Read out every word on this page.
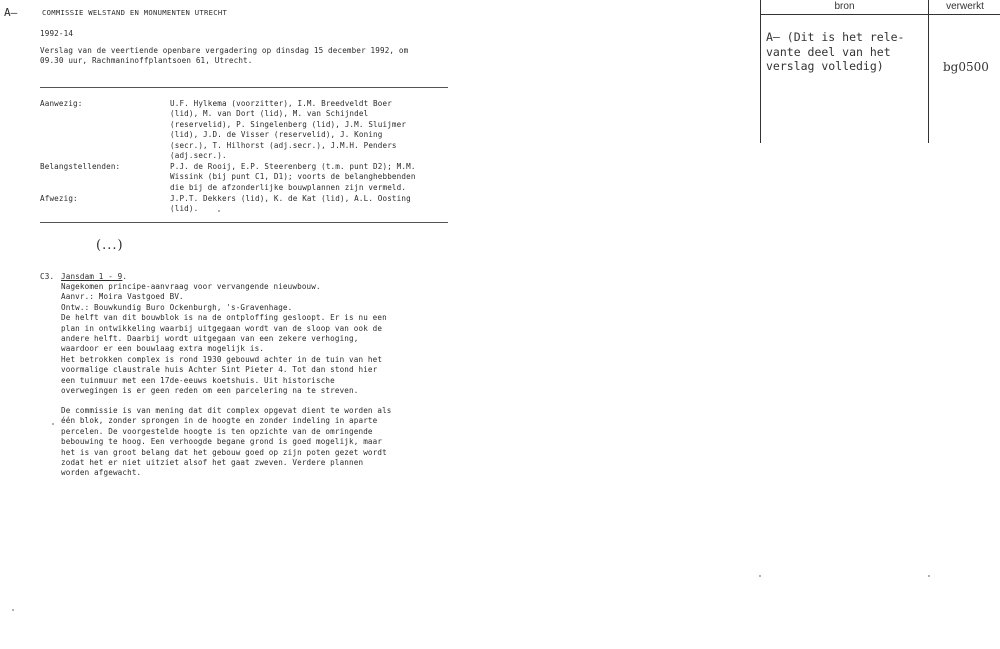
A—	COMMISSIE WELSTAND EN MONUMENTEN UTRECHT
1992-14
Verslag van de veertiende openbare vergadering op dinsdag 15 december 1992, om
09.30 uur, Rachmaninoffplantsoen 61, Utrecht.
Aanwezig:	U.F. Hylkema (voorzitter), I.M. Breedveldt Boer
(lid), M. van Dort (lid), M. van Schijndel
(reservelid), P. Singelenberg (lid), J.M. Sluijmer
(lid), J.D. de Visser (reservelid), J. Koning
(secr.), T. Hilhorst (adj.secr.), J.M.H. Penders
(adj.secr.).
Belangstellenden:	P.J. de Rooij, E.P. Steerenberg (t.m. punt D2); M.M.
Wissink (bij punt C1, D1); voorts de belanghebbenden
die bij de afzonderlijke bouwplannen zijn vermeld.
Afwezig:	J.P.T. Dekkers (lid), K. de Kat (lid), A.L. Oosting
(lid).
(...)
C3. Jansdam 1 - 9.
Nagekomen principe-aanvraag voor vervangende nieuwbouw.
Aanvr.: Moira Vastgoed BV.
Ontw.: Bouwkundig Buro Ockenburgh, 's-Gravenhage.
De helft van dit bouwblok is na de ontploffing gesloopt. Er is nu een
plan in ontwikkeling waarbij uitgegaan wordt van de sloop van ook de
andere helft. Daarbij wordt uitgegaan van een zekere verhoging,
waardoor er een bouwlaag extra mogelijk is.
Het betrokken complex is rond 1930 gebouwd achter in de tuin van het
voormalige claustrale huis Achter Sint Pieter 4. Tot dan stond hier
een tuinmuur met een 17de-eeuws koetshuis. Uit historische
overwegingen is er geen reden om een parcelering na te streven.
De commissie is van mening dat dit complex opgevat dient te worden als
één blok, zonder sprongen in de hoogte en zonder indeling in aparte
percelen. De voorgestelde hoogte is ten opzichte van de omringende
bebouwing te hoog. Een verhoogde begane grond is goed mogelijk, maar
het is van groot belang dat het gebouw goed op zijn poten gezet wordt
zodat het er niet uitziet alsof het gaat zweven. Verdere plannen
worden afgewacht.
bron	verwerkt
A— (Dit is het rele-
vante deel van het
verslag volledig)	bg0500
